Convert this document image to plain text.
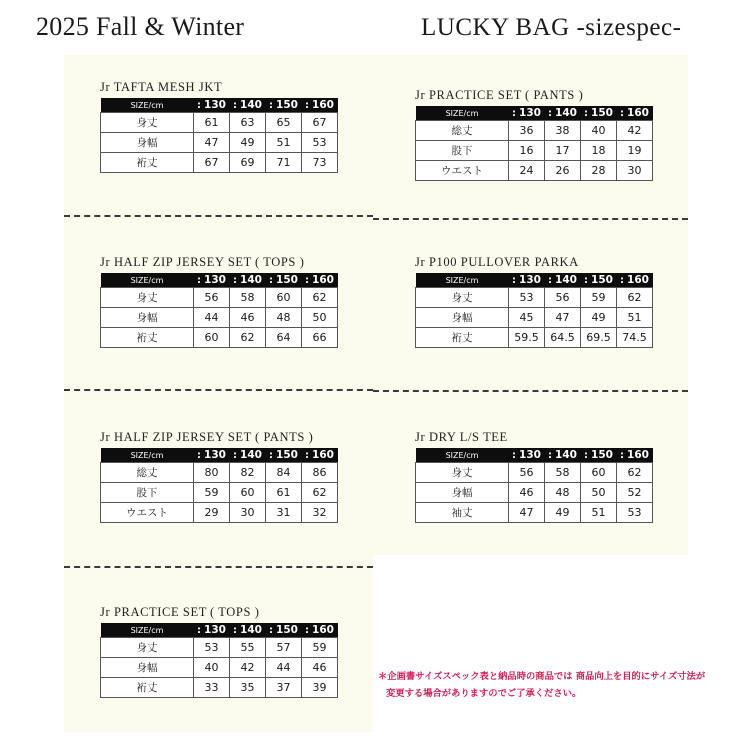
2025 Fall & Winter	LUCKY BAG -sizespec-
Jr TAFTA MESH JKT
SIZE/cm	: 130	: 140	: 150	: 160
身丈	61	63	65	67
身幅	47	49	51	53
裄丈	67	69	71	73
Jr PRACTICE SET ( PANTS )
SIZE/cm	: 130	: 140	: 150	: 160
総丈	36	38	40	42
股下	16	17	18	19
ウエスト	24	26	28	30
Jr HALF ZIP JERSEY SET ( TOPS )
SIZE/cm	: 130	: 140	: 150	: 160
身丈	56	58	60	62
身幅	44	46	48	50
裄丈	60	62	64	66
Jr P100 PULLOVER PARKA
SIZE/cm	: 130	: 140	: 150	: 160
身丈	53	56	59	62
身幅	45	47	49	51
裄丈	59.5	64.5	69.5	74.5
Jr HALF ZIP JERSEY SET ( PANTS )
SIZE/cm	: 130	: 140	: 150	: 160
総丈	80	82	84	86
股下	59	60	61	62
ウエスト	29	30	31	32
Jr DRY L/S TEE
SIZE/cm	: 130	: 140	: 150	: 160
身丈	56	58	60	62
身幅	46	48	50	52
袖丈	47	49	51	53
Jr PRACTICE SET ( TOPS )
SIZE/cm	: 130	: 140	: 150	: 160
身丈	53	55	57	59
身幅	40	42	44	46
裄丈	33	35	37	39
＊企画書サイズスペック表と納品時の商品では 商品向上を目的にサイズ寸法が
変更する場合がありますのでご了承ください。
